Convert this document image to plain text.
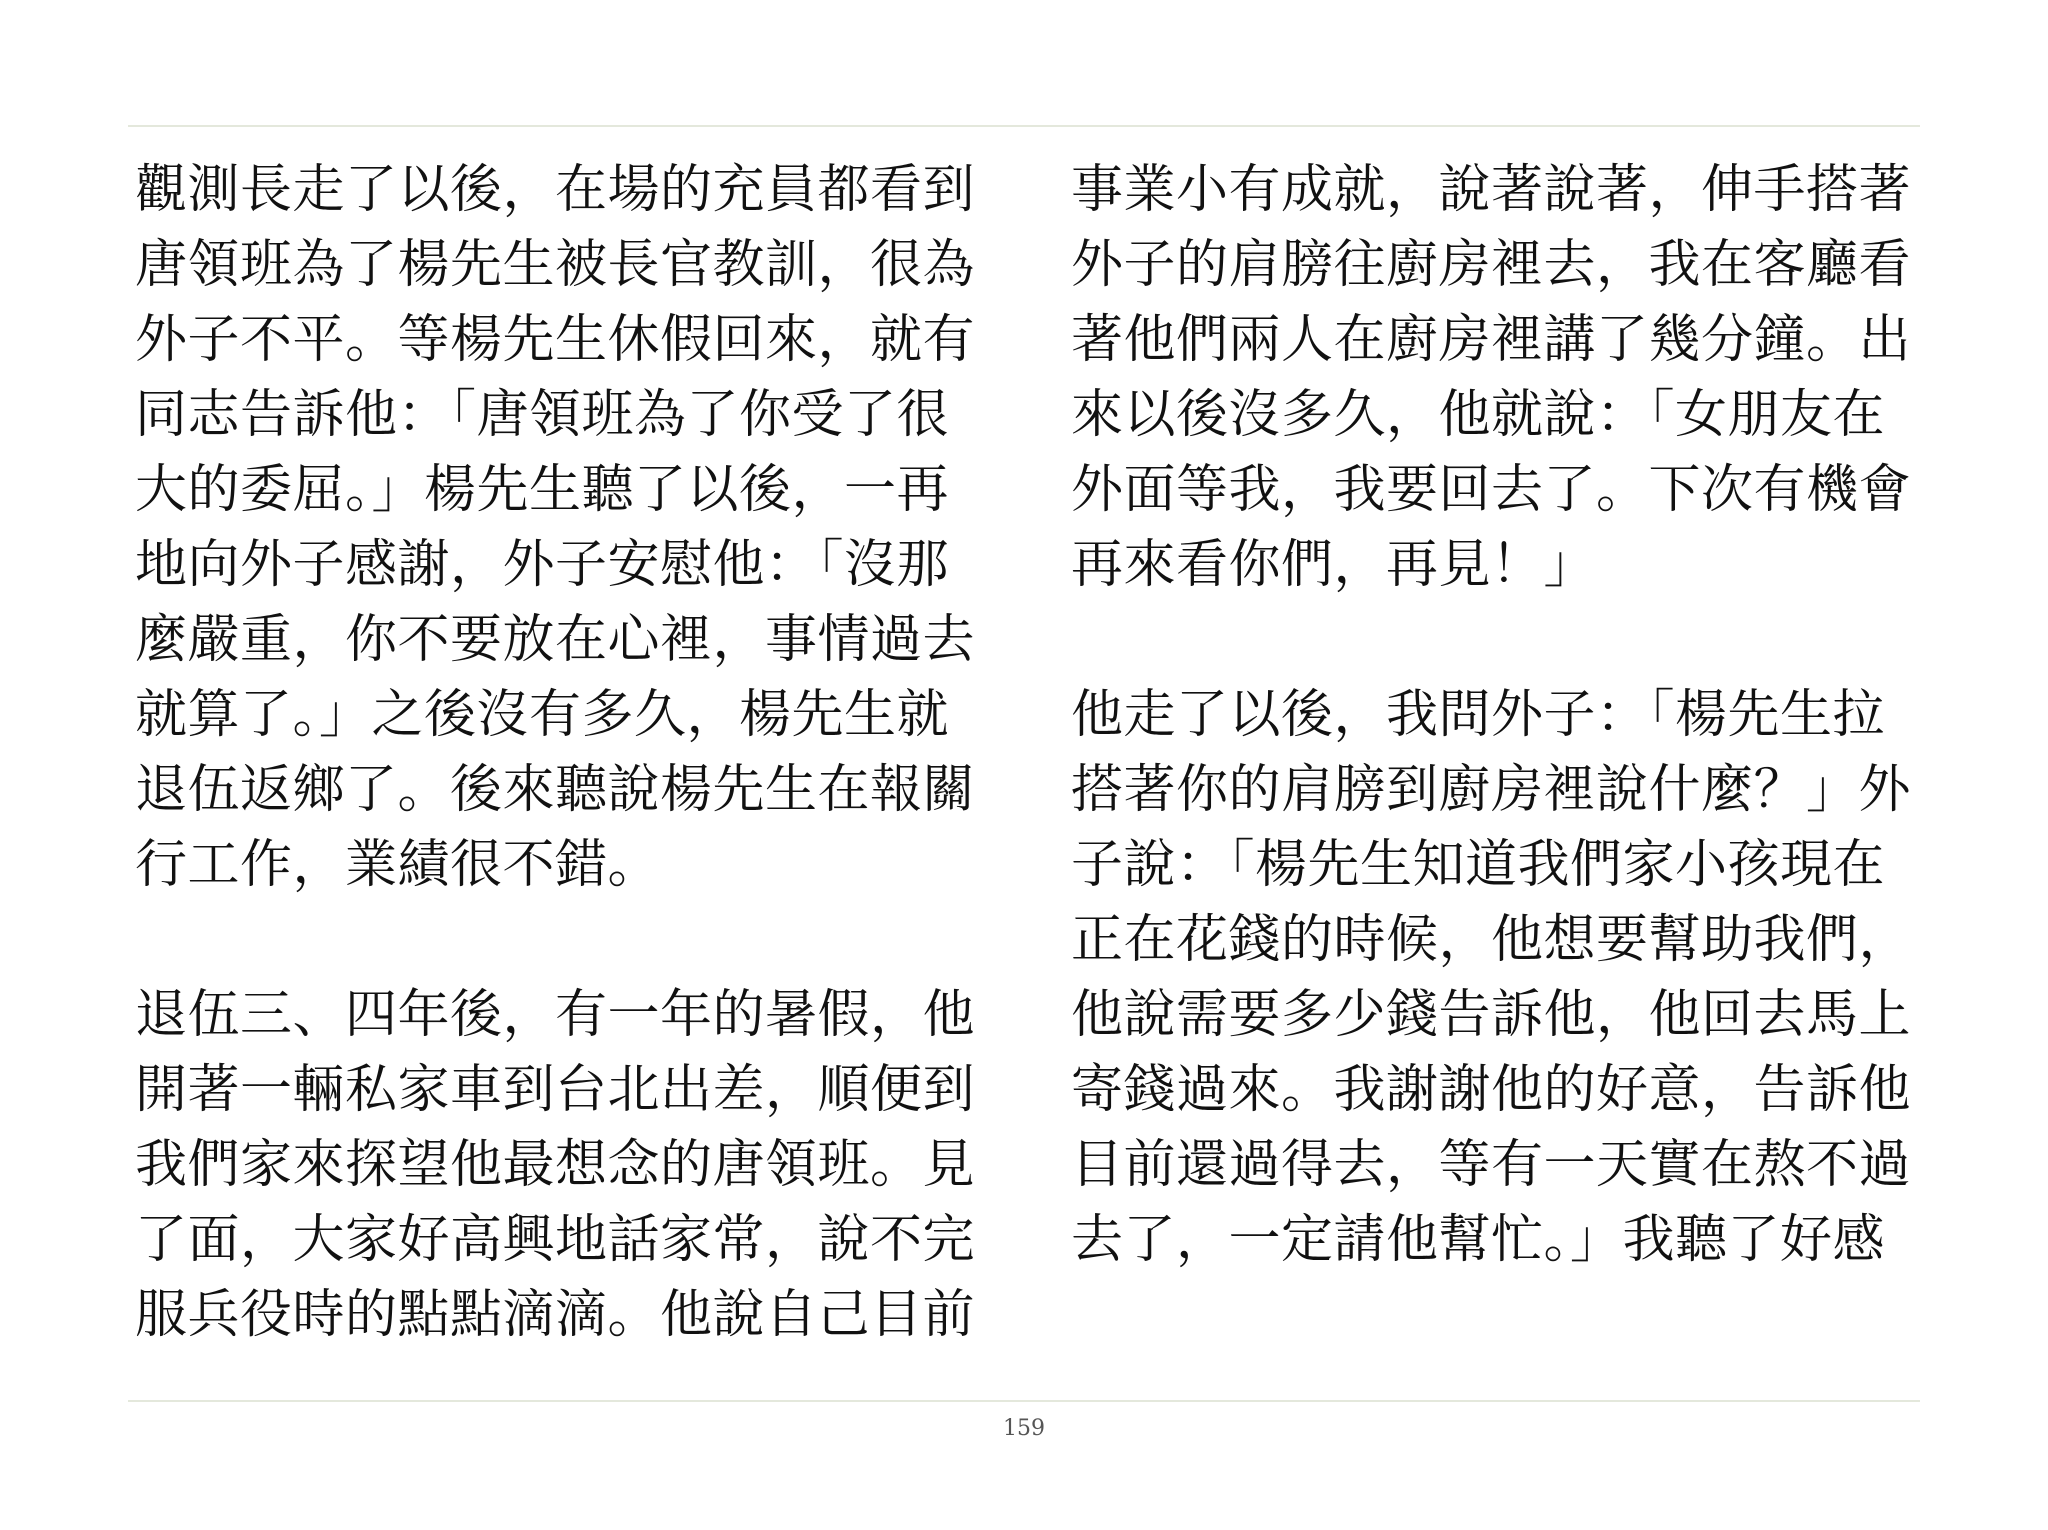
觀測長走了以後，在場的充員都看到
唐領班為了楊先生被長官教訓，很為
外子不平。等楊先生休假回來，就有
同志告訴他：「唐領班為了你受了很
大的委屈。」楊先生聽了以後，一再
地向外子感謝，外子安慰他：「沒那
麼嚴重，你不要放在心裡，事情過去
就算了。」之後沒有多久，楊先生就
退伍返鄉了。後來聽說楊先生在報關
行工作，業績很不錯。
退伍三、四年後，有一年的暑假，他
開著一輛私家車到台北出差，順便到
我們家來探望他最想念的唐領班。見
了面，大家好高興地話家常，說不完
服兵役時的點點滴滴。他說自己目前
事業小有成就，說著說著，伸手搭著
外子的肩膀往廚房裡去，我在客廳看
著他們兩人在廚房裡講了幾分鐘。出
來以後沒多久，他就說：「女朋友在
外面等我，我要回去了。下次有機會
再來看你們，再見！」
他走了以後，我問外子：「楊先生拉
搭著你的肩膀到廚房裡說什麼？」外
子說：「楊先生知道我們家小孩現在
正在花錢的時候，他想要幫助我們，
他說需要多少錢告訴他，他回去馬上
寄錢過來。我謝謝他的好意，告訴他
目前還過得去，等有一天實在熬不過
去了，一定請他幫忙。」我聽了好感
159
